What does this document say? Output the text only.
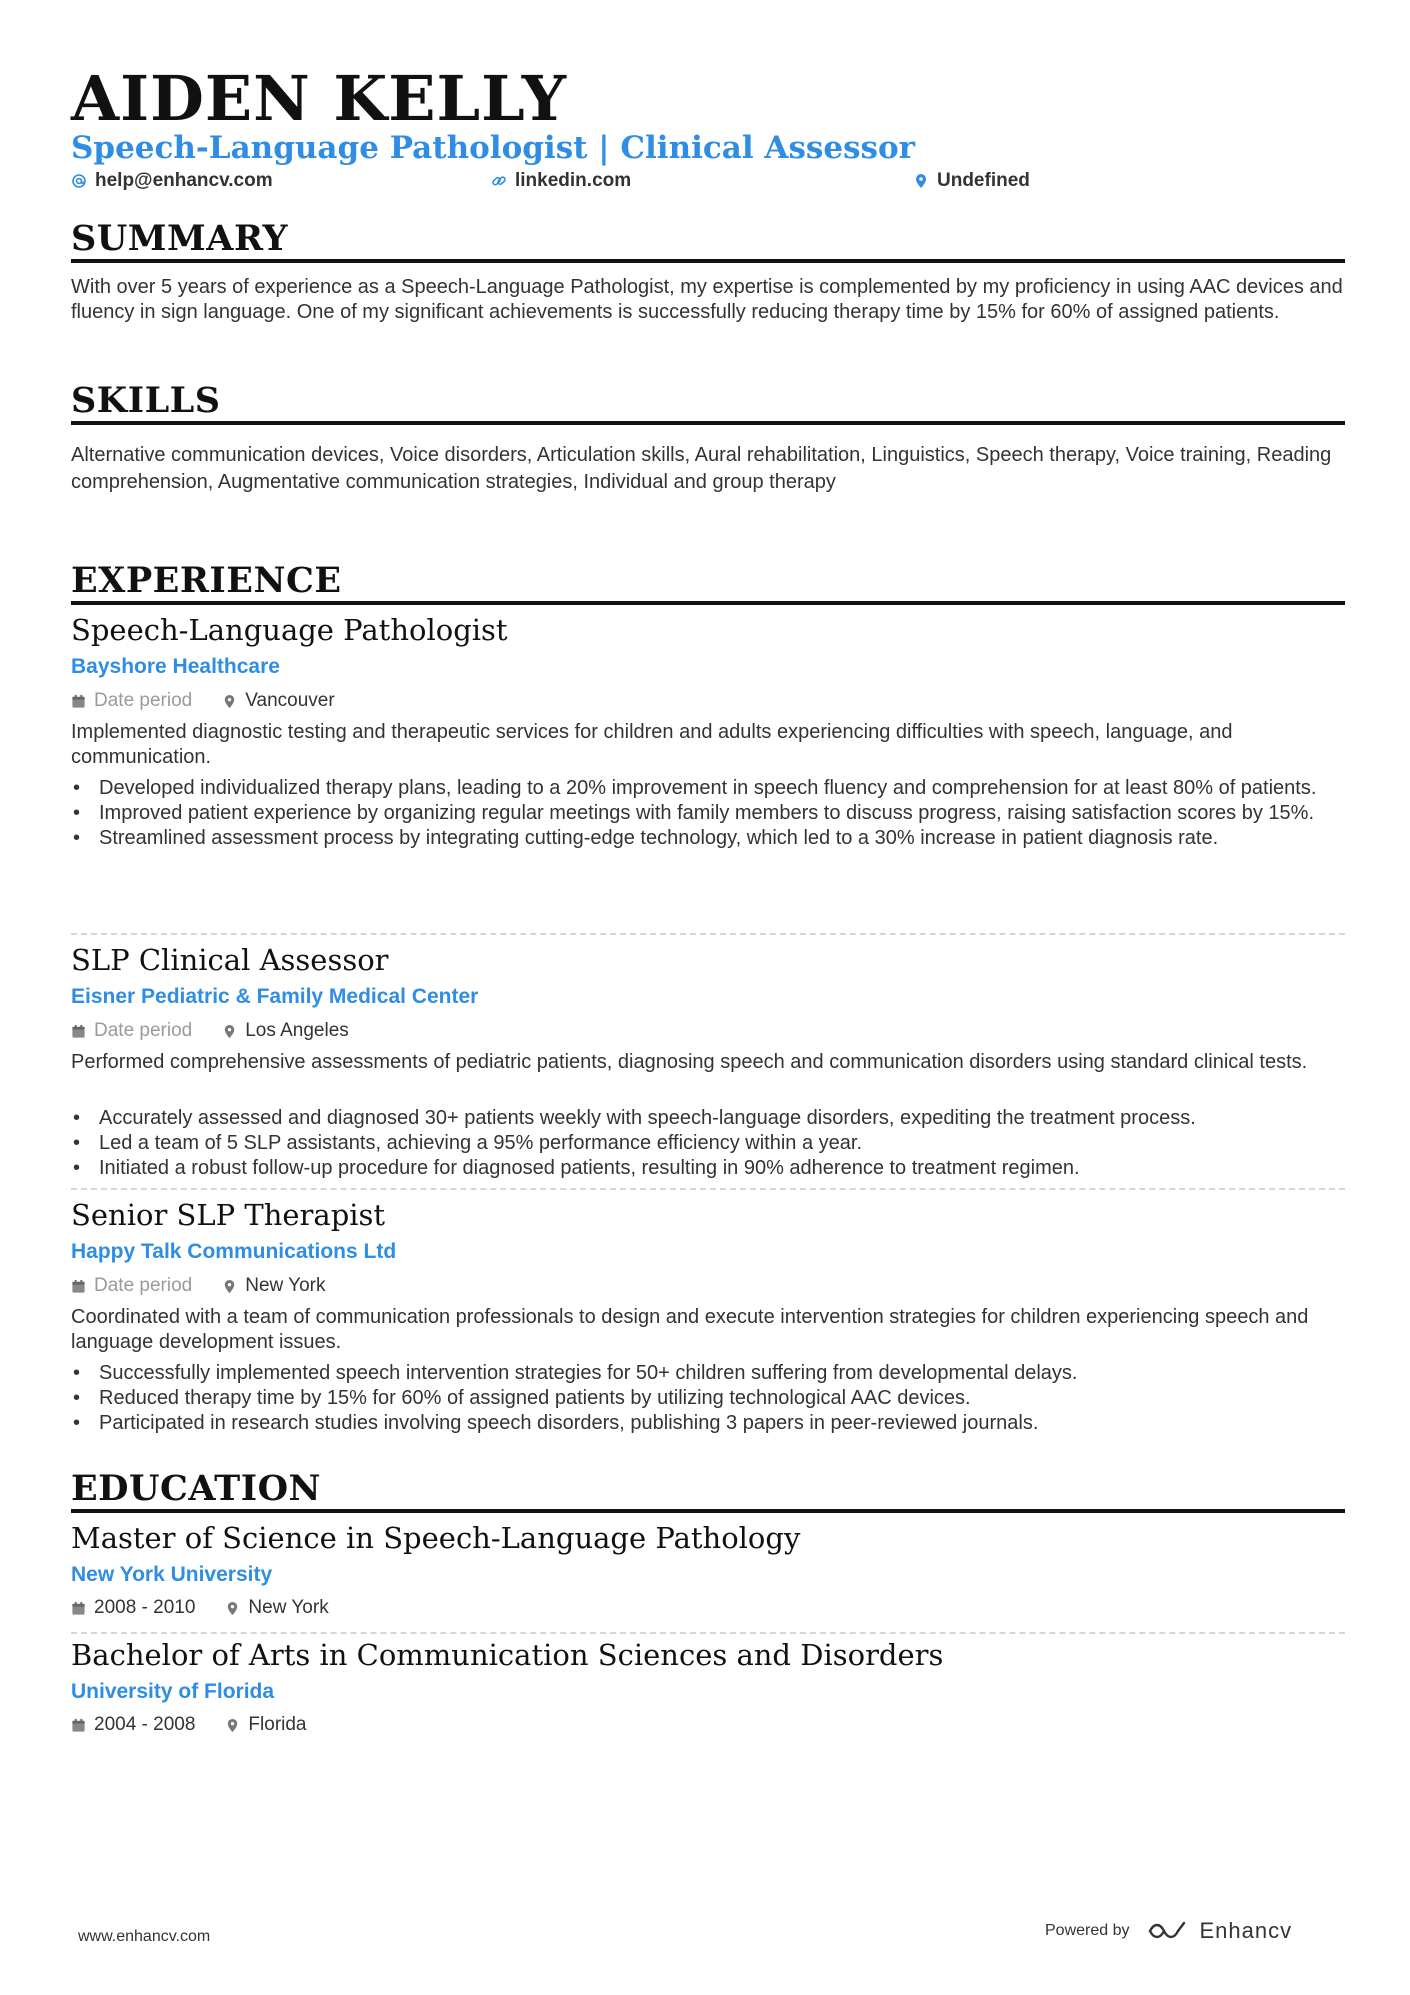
AIDEN KELLY
Speech-Language Pathologist | Clinical Assessor
help@enhancv.com	linkedin.com	Undefined
SUMMARY
With over 5 years of experience as a Speech-Language Pathologist, my expertise is complemented by my proficiency in using AAC devices and fluency in sign language. One of my significant achievements is successfully reducing therapy time by 15% for 60% of assigned patients.
SKILLS
Alternative communication devices, Voice disorders, Articulation skills, Aural rehabilitation, Linguistics, Speech therapy, Voice training, Reading comprehension, Augmentative communication strategies, Individual and group therapy
EXPERIENCE
Speech-Language Pathologist
Bayshore Healthcare
Date period	Vancouver
Implemented diagnostic testing and therapeutic services for children and adults experiencing difficulties with speech, language, and communication.
• Developed individualized therapy plans, leading to a 20% improvement in speech fluency and comprehension for at least 80% of patients.
• Improved patient experience by organizing regular meetings with family members to discuss progress, raising satisfaction scores by 15%.
• Streamlined assessment process by integrating cutting-edge technology, which led to a 30% increase in patient diagnosis rate.
SLP Clinical Assessor
Eisner Pediatric & Family Medical Center
Date period	Los Angeles
Performed comprehensive assessments of pediatric patients, diagnosing speech and communication disorders using standard clinical tests.
• Accurately assessed and diagnosed 30+ patients weekly with speech-language disorders, expediting the treatment process.
• Led a team of 5 SLP assistants, achieving a 95% performance efficiency within a year.
• Initiated a robust follow-up procedure for diagnosed patients, resulting in 90% adherence to treatment regimen.
Senior SLP Therapist
Happy Talk Communications Ltd
Date period	New York
Coordinated with a team of communication professionals to design and execute intervention strategies for children experiencing speech and language development issues.
• Successfully implemented speech intervention strategies for 50+ children suffering from developmental delays.
• Reduced therapy time by 15% for 60% of assigned patients by utilizing technological AAC devices.
• Participated in research studies involving speech disorders, publishing 3 papers in peer-reviewed journals.
EDUCATION
Master of Science in Speech-Language Pathology
New York University
2008 - 2010	New York
Bachelor of Arts in Communication Sciences and Disorders
University of Florida
2004 - 2008	Florida
www.enhancv.com	Powered by	Enhancv
